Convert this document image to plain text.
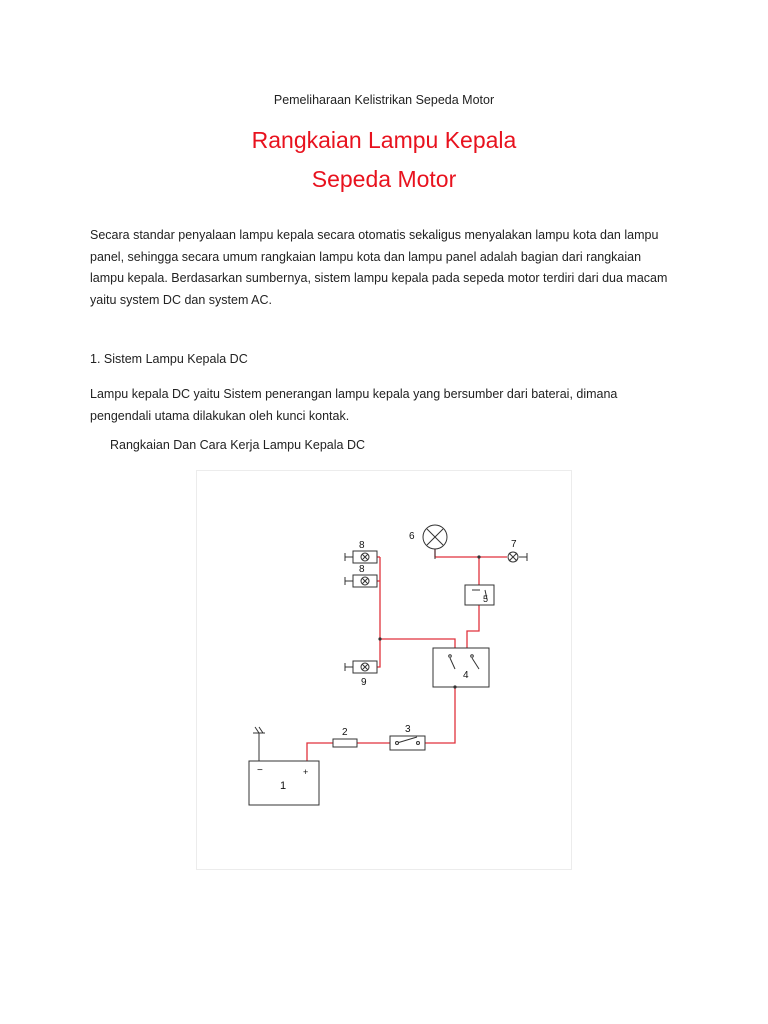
Pemeliharaan Kelistrikan Sepeda Motor
Rangkaian Lampu Kepala
Sepeda Motor
Secara standar penyalaan lampu kepala secara otomatis sekaligus menyalakan lampu kota dan lampu
panel, sehingga secara umum rangkaian lampu kota dan lampu panel adalah bagian dari rangkaian
lampu kepala. Berdasarkan sumbernya, sistem lampu kepala pada sepeda motor terdiri dari dua macam
yaitu system DC dan system AC.
1. Sistem Lampu Kepala DC
Lampu kepala DC yaitu Sistem penerangan lampu kepala yang bersumber dari baterai, dimana
pengendali utama dilakukan oleh kunci kontak.
Rangkaian Dan Cara Kerja Lampu Kepala DC
−	+
1
2	3
4
5
6
7
8
8
9
